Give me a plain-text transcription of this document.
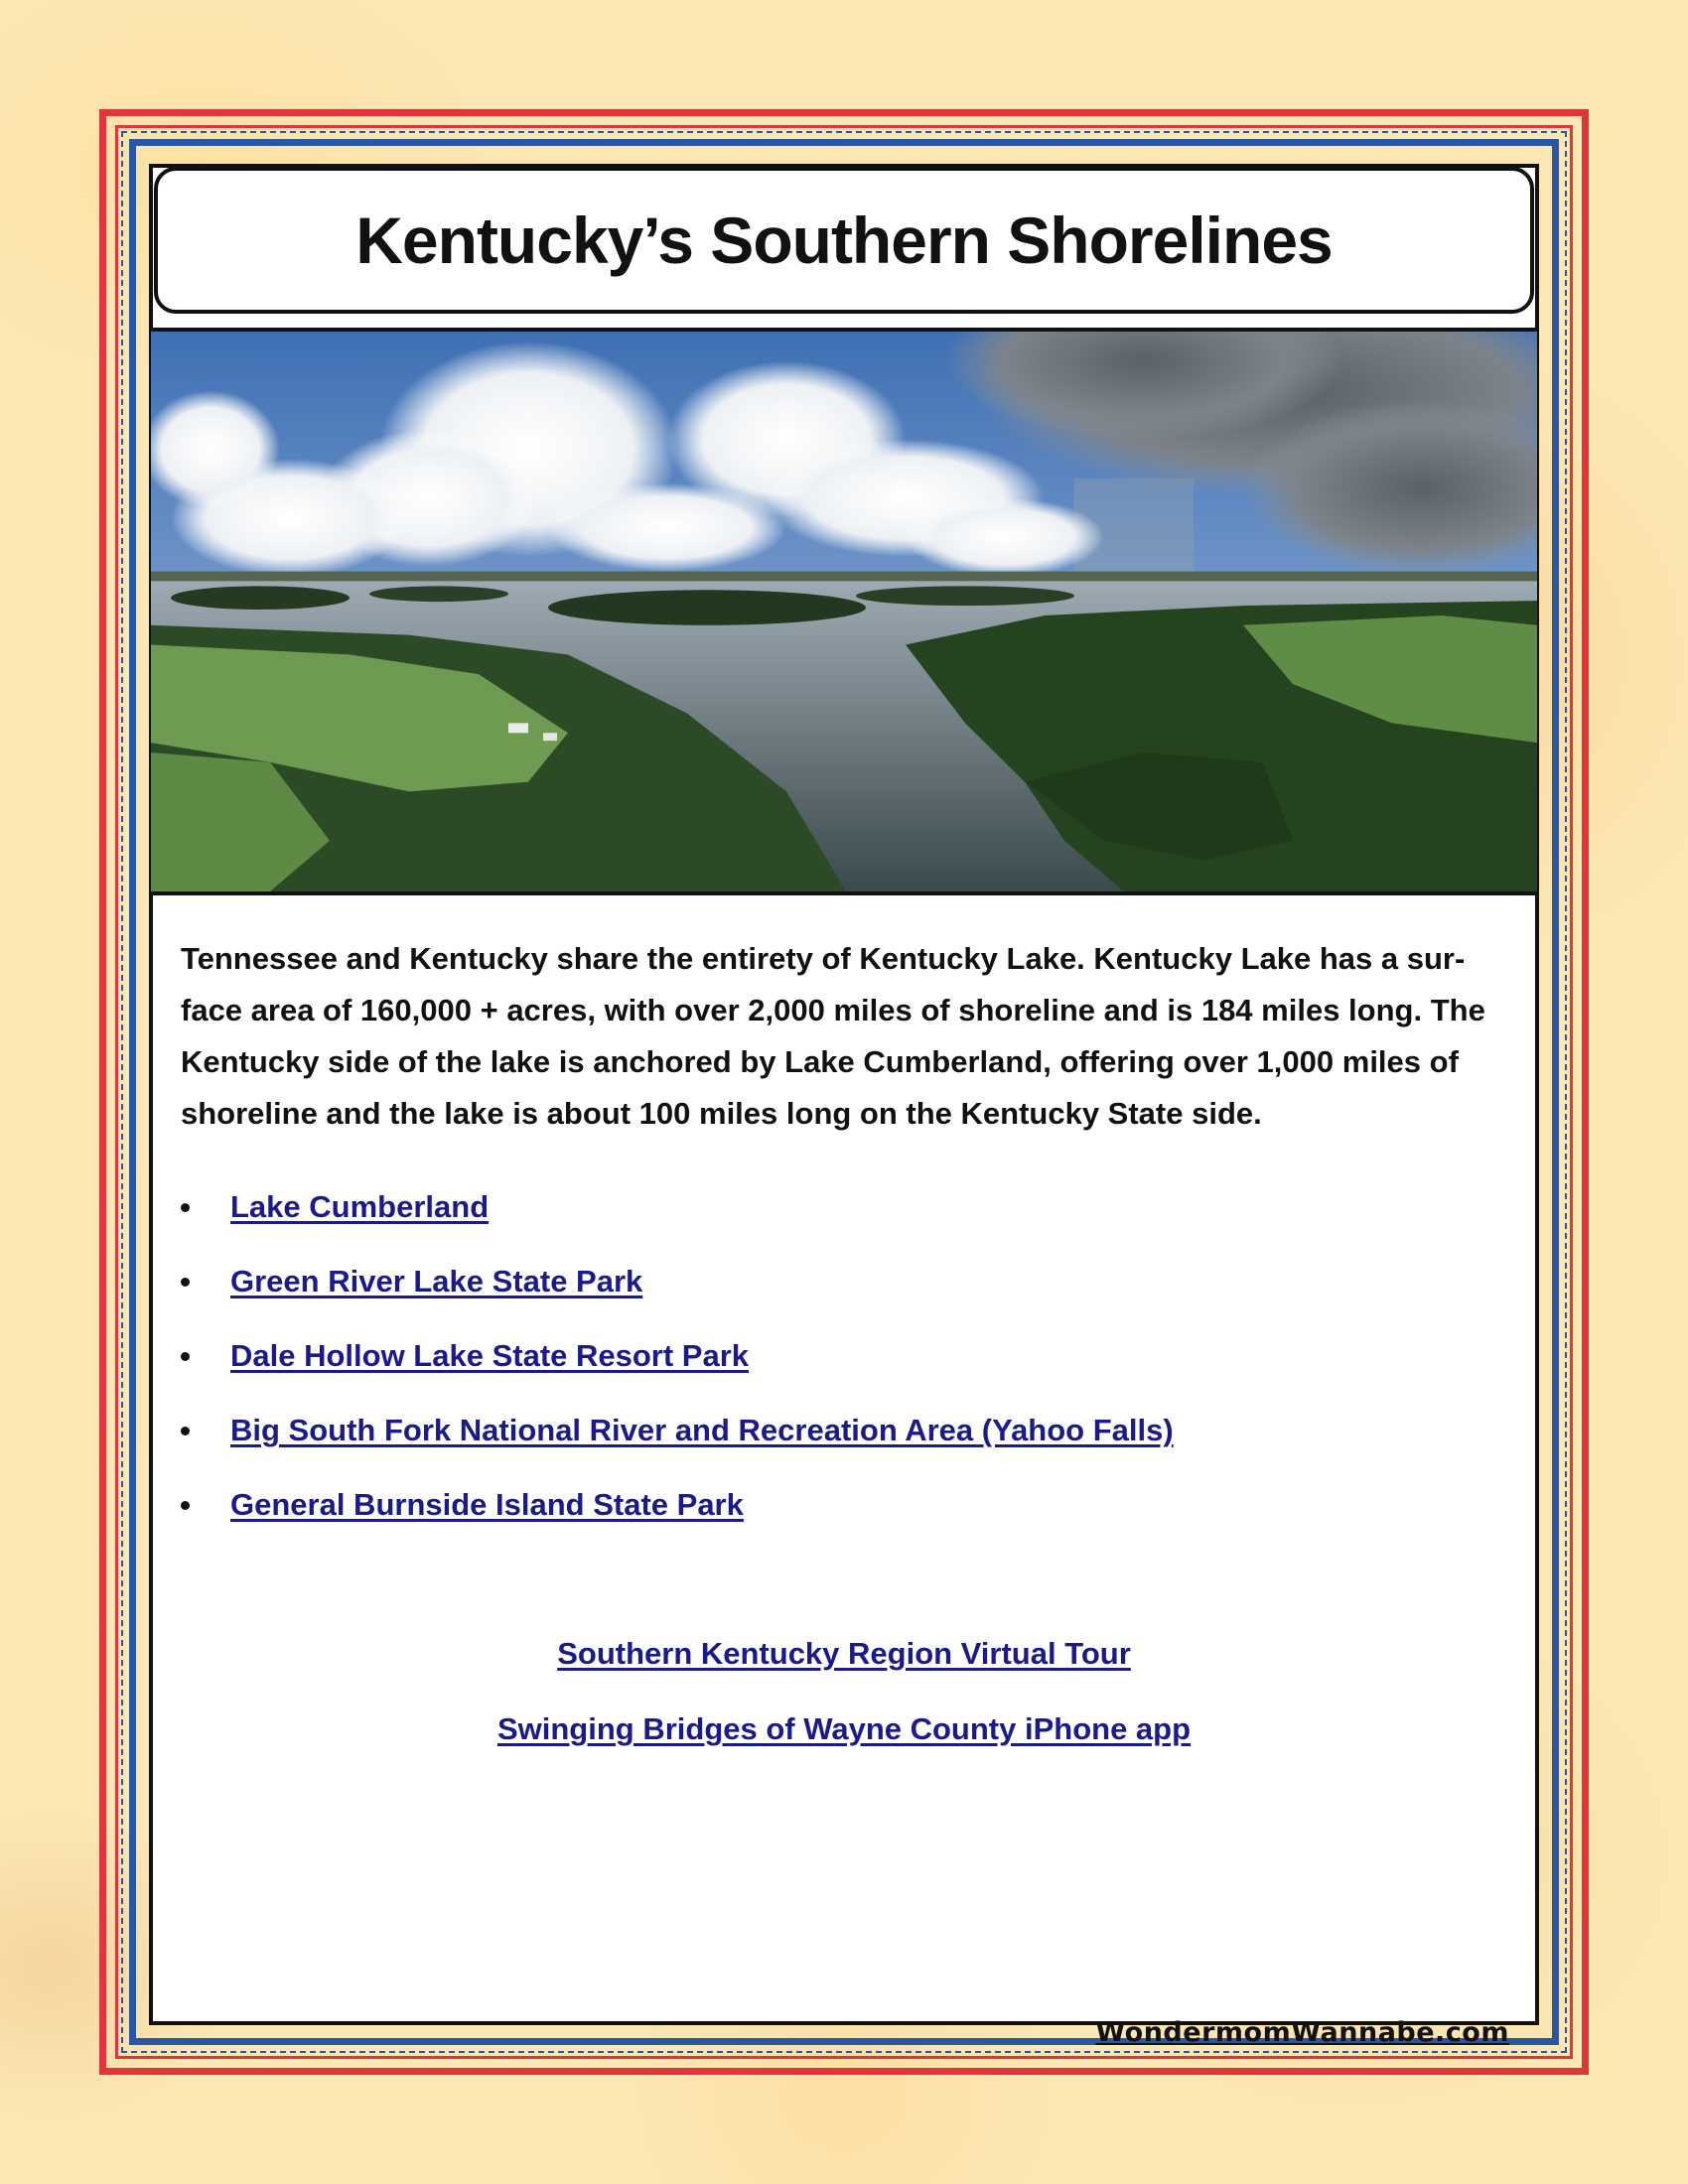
Kentucky’s Southern Shorelines

Tennessee and Kentucky share the entirety of Kentucky Lake. Kentucky Lake has a sur-face area of 160,000 + acres, with over 2,000 miles of shoreline and is 184 miles long. The Kentucky side of the lake is anchored by Lake Cumberland, offering over 1,000 miles of shoreline and the lake is about 100 miles long on the Kentucky State side.

Lake Cumberland
Green River Lake State Park
Dale Hollow Lake State Resort Park
Big South Fork National River and Recreation Area (Yahoo Falls)
General Burnside Island State Park
Southern Kentucky Region Virtual Tour
Swinging Bridges of Wayne County iPhone app
WondermomWannabe.com
